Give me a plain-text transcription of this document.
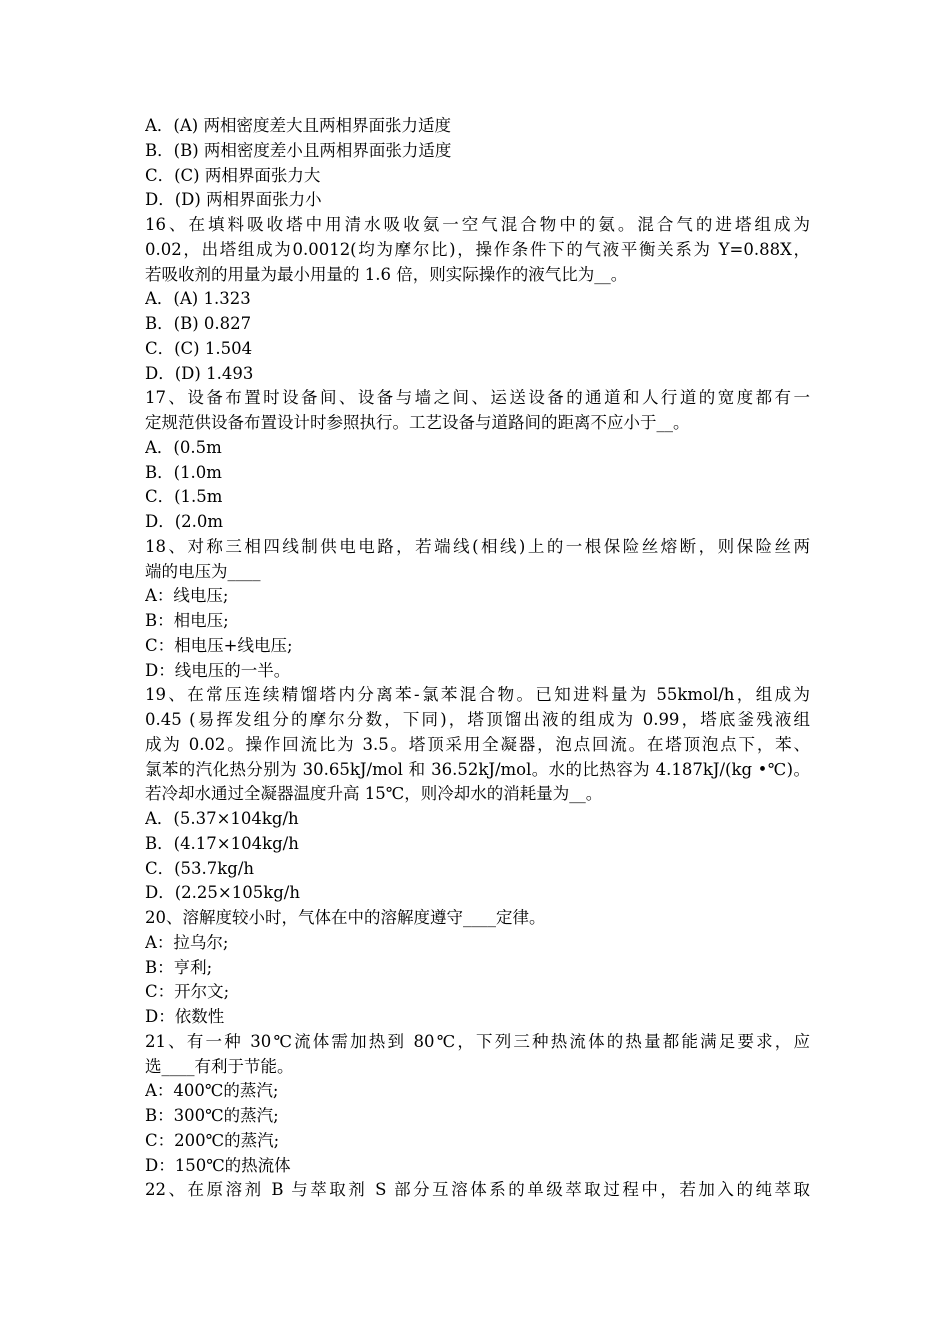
A．(A) 两相密度差大且两相界面张力适度
B．(B) 两相密度差小且两相界面张力适度
C．(C) 两相界面张力大
D．(D) 两相界面张力小
16、在填料吸收塔中用清水吸收氨一空气混合物中的氨。混合气的进塔组成为
0.02，出塔组成为0.0012(均为摩尔比)，操作条件下的气液平衡关系为 Y=0.88X，
若吸收剂的用量为最小用量的 1.6 倍，则实际操作的液气比为__。
A．(A) 1.323
B．(B) 0.827
C．(C) 1.504
D．(D) 1.493
17、设备布置时设备间、设备与墙之间、运送设备的通道和人行道的宽度都有一
定规范供设备布置设计时参照执行。工艺设备与道路间的距离不应小于__。
A．(0.5m
B．(1.0m
C．(1.5m
D．(2.0m
18、对称三相四线制供电电路，若端线(相线)上的一根保险丝熔断，则保险丝两
端的电压为____
A：线电压;
B：相电压;
C：相电压+线电压;
D：线电压的一半。
19、在常压连续精馏塔内分离苯-氯苯混合物。已知进料量为 55kmol/h，组成为
0.45 (易挥发组分的摩尔分数，下同)，塔顶馏出液的组成为 0.99，塔底釜残液组
成为 0.02。操作回流比为 3.5。塔顶采用全凝器，泡点回流。在塔顶泡点下，苯、
氯苯的汽化热分别为 30.65kJ/mol 和 36.52kJ/mol。水的比热容为 4.187kJ/(kg •℃)。
若冷却水通过全凝器温度升高 15℃，则冷却水的消耗量为__。
A．(5.37×104kg/h
B．(4.17×104kg/h
C．(53.7kg/h
D．(2.25×105kg/h
20、溶解度较小时，气体在中的溶解度遵守____定律。
A：拉乌尔;
B：亨利;
C：开尔文;
D：依数性
21、有一种 30℃流体需加热到 80℃，下列三种热流体的热量都能满足要求，应
选____有利于节能。
A：400℃的蒸汽;
B：300℃的蒸汽;
C：200℃的蒸汽;
D：150℃的热流体
22、在原溶剂 B 与萃取剂 S 部分互溶体系的单级萃取过程中，若加入的纯萃取
